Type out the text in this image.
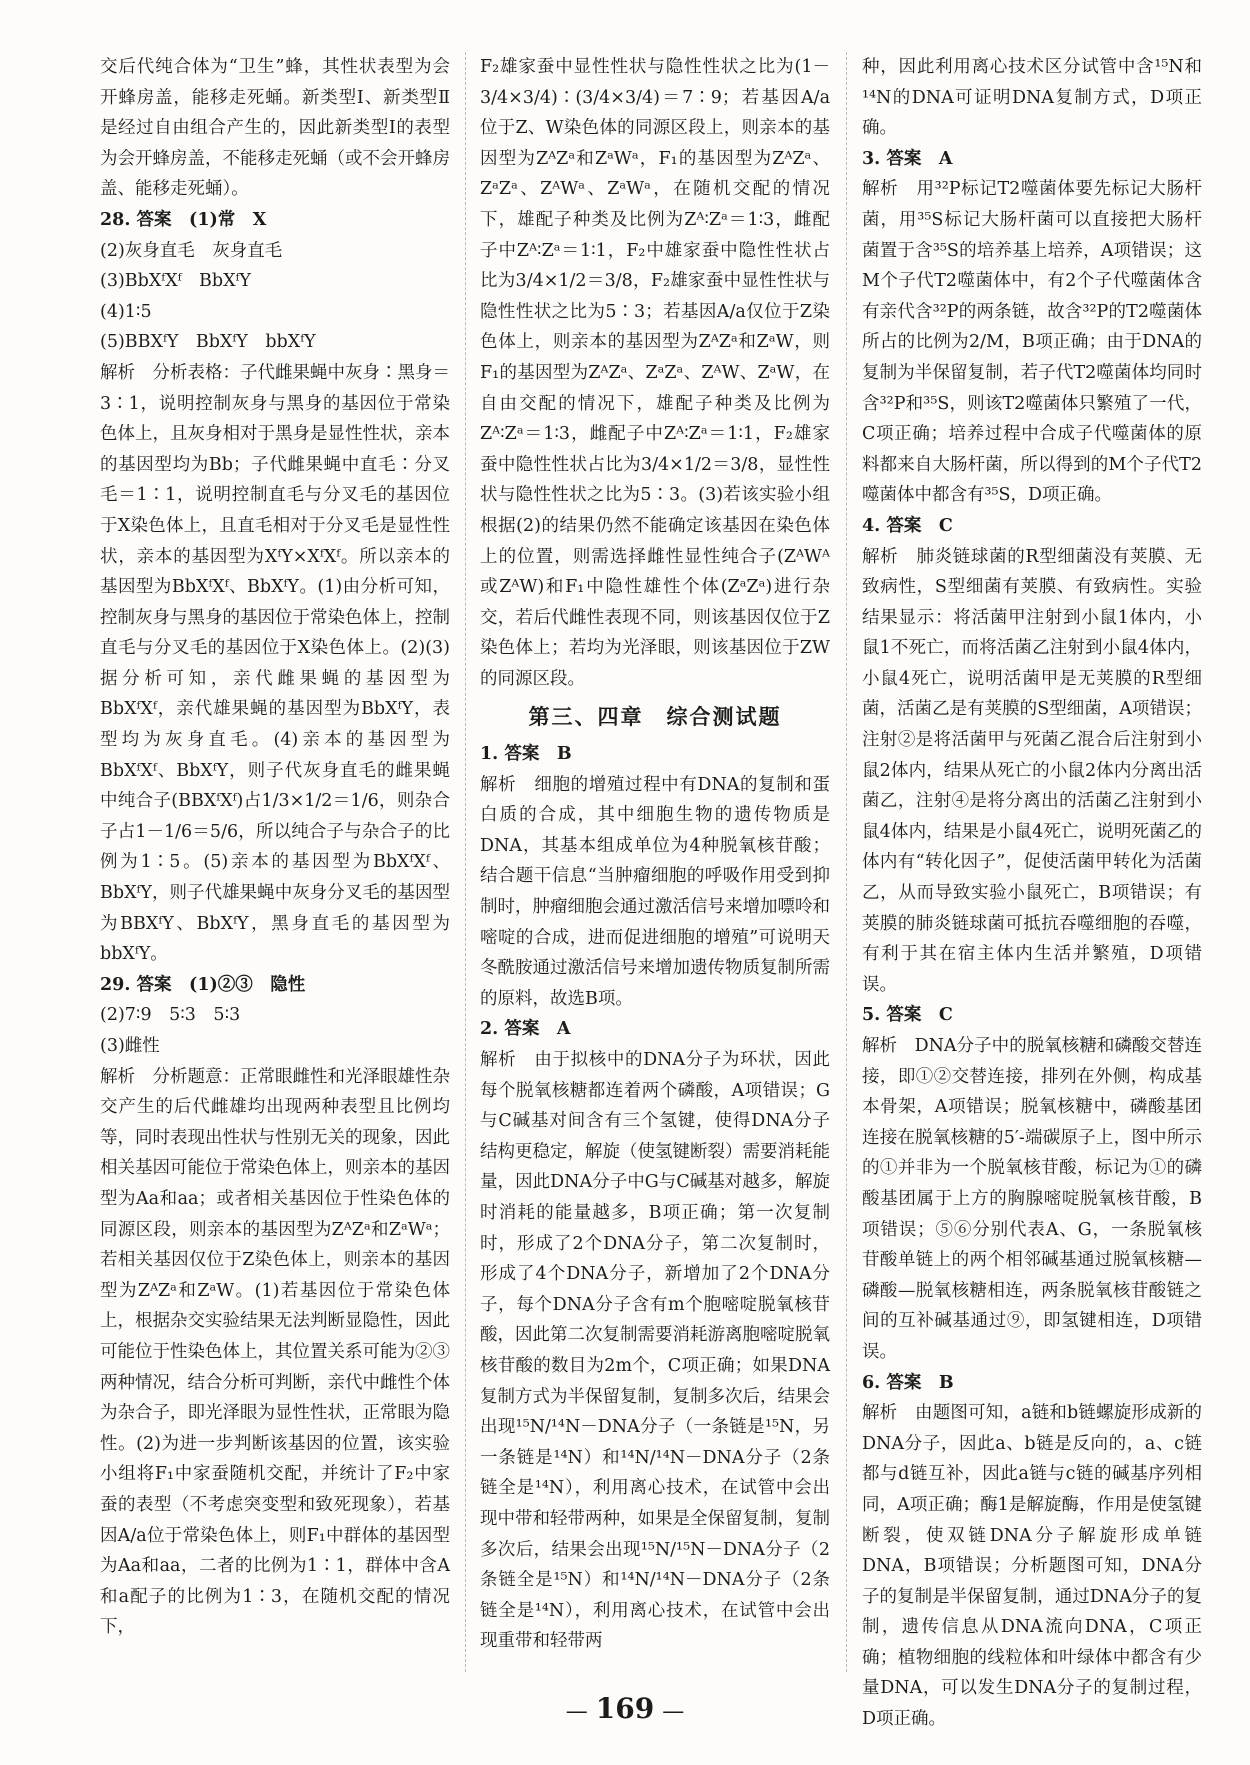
交后代纯合体为“卫生”蜂，其性状表型为会开蜂房盖，能移走死蛹。新类型Ⅰ、新类型Ⅱ是经过自由组合产生的，因此新类型Ⅰ的表型为会开蜂房盖，不能移走死蛹（或不会开蜂房盖、能移走死蛹）。

28. 答案　(1)常　X

(2)灰身直毛　灰身直毛

(3)BbXᶠXᶠ　BbXᶠY

(4)1∶5

(5)BBXᶠY　BbXᶠY　bbXᶠY

解析　分析表格：子代雌果蝇中灰身∶黑身＝3∶1，说明控制灰身与黑身的基因位于常染色体上，且灰身相对于黑身是显性性状，亲本的基因型均为Bb；子代雌果蝇中直毛∶分叉毛＝1∶1，说明控制直毛与分叉毛的基因位于X染色体上，且直毛相对于分叉毛是显性性状，亲本的基因型为XᶠY×XᶠXᶠ。所以亲本的基因型为BbXᶠXᶠ、BbXᶠY。(1)由分析可知，控制灰身与黑身的基因位于常染色体上，控制直毛与分叉毛的基因位于X染色体上。(2)(3)据分析可知，亲代雌果蝇的基因型为BbXᶠXᶠ，亲代雄果蝇的基因型为BbXᶠY，表型均为灰身直毛。(4)亲本的基因型为BbXᶠXᶠ、BbXᶠY，则子代灰身直毛的雌果蝇中纯合子(BBXᶠXᶠ)占1/3×1/2＝1/6，则杂合子占1－1/6＝5/6，所以纯合子与杂合子的比例为1∶5。(5)亲本的基因型为BbXᶠXᶠ、BbXᶠY，则子代雄果蝇中灰身分叉毛的基因型为BBXᶠY、BbXᶠY，黑身直毛的基因型为bbXᶠY。

29. 答案　(1)②③　隐性

(2)7∶9　5∶3　5∶3

(3)雌性

解析　分析题意：正常眼雌性和光泽眼雄性杂交产生的后代雌雄均出现两种表型且比例均等，同时表现出性状与性别无关的现象，因此相关基因可能位于常染色体上，则亲本的基因型为Aa和aa；或者相关基因位于性染色体的同源区段，则亲本的基因型为ZᴬZᵃ和ZᵃWᵃ；若相关基因仅位于Z染色体上，则亲本的基因型为ZᴬZᵃ和ZᵃW。(1)若基因位于常染色体上，根据杂交实验结果无法判断显隐性，因此可能位于性染色体上，其位置关系可能为②③两种情况，结合分析可判断，亲代中雌性个体为杂合子，即光泽眼为显性性状，正常眼为隐性。(2)为进一步判断该基因的位置，该实验小组将F₁中家蚕随机交配，并统计了F₂中家蚕的表型（不考虑突变型和致死现象），若基因A/a位于常染色体上，则F₁中群体的基因型为Aa和aa，二者的比例为1∶1，群体中含A和a配子的比例为1∶3，在随机交配的情况下，

F₂雄家蚕中显性性状与隐性性状之比为(1－3/4×3/4)∶(3/4×3/4)＝7∶9；若基因A/a位于Z、W染色体的同源区段上，则亲本的基因型为ZᴬZᵃ和ZᵃWᵃ，F₁的基因型为ZᴬZᵃ、ZᵃZᵃ、ZᴬWᵃ、ZᵃWᵃ，在随机交配的情况下，雄配子种类及比例为Zᴬ∶Zᵃ＝1∶3，雌配子中Zᴬ∶Zᵃ＝1∶1，F₂中雄家蚕中隐性性状占比为3/4×1/2＝3/8，F₂雄家蚕中显性性状与隐性性状之比为5∶3；若基因A/a仅位于Z染色体上，则亲本的基因型为ZᴬZᵃ和ZᵃW，则F₁的基因型为ZᴬZᵃ、ZᵃZᵃ、ZᴬW、ZᵃW，在自由交配的情况下，雄配子种类及比例为Zᴬ∶Zᵃ＝1∶3，雌配子中Zᴬ∶Zᵃ＝1∶1，F₂雄家蚕中隐性性状占比为3/4×1/2＝3/8，显性性状与隐性性状之比为5∶3。(3)若该实验小组根据(2)的结果仍然不能确定该基因在染色体上的位置，则需选择雌性显性纯合子(ZᴬWᴬ或ZᴬW)和F₁中隐性雄性个体(ZᵃZᵃ)进行杂交，若后代雌性表现不同，则该基因仅位于Z染色体上；若均为光泽眼，则该基因位于ZW的同源区段。

第三、四章　综合测试题

1. 答案　B

解析　细胞的增殖过程中有DNA的复制和蛋白质的合成，其中细胞生物的遗传物质是DNA，其基本组成单位为4种脱氧核苷酸；结合题干信息“当肿瘤细胞的呼吸作用受到抑制时，肿瘤细胞会通过激活信号来增加嘌呤和嘧啶的合成，进而促进细胞的增殖”可说明天冬酰胺通过激活信号来增加遗传物质复制所需的原料，故选B项。

2. 答案　A

解析　由于拟核中的DNA分子为环状，因此每个脱氧核糖都连着两个磷酸，A项错误；G与C碱基对间含有三个氢键，使得DNA分子结构更稳定，解旋（使氢键断裂）需要消耗能量，因此DNA分子中G与C碱基对越多，解旋时消耗的能量越多，B项正确；第一次复制时，形成了2个DNA分子，第二次复制时，形成了4个DNA分子，新增加了2个DNA分子，每个DNA分子含有m个胞嘧啶脱氧核苷酸，因此第二次复制需要消耗游离胞嘧啶脱氧核苷酸的数目为2m个，C项正确；如果DNA复制方式为半保留复制，复制多次后，结果会出现¹⁵N/¹⁴N－DNA分子（一条链是¹⁵N，另一条链是¹⁴N）和¹⁴N/¹⁴N－DNA分子（2条链全是¹⁴N），利用离心技术，在试管中会出现中带和轻带两种，如果是全保留复制，复制多次后，结果会出现¹⁵N/¹⁵N－DNA分子（2条链全是¹⁵N）和¹⁴N/¹⁴N－DNA分子（2条链全是¹⁴N），利用离心技术，在试管中会出现重带和轻带两

种，因此利用离心技术区分试管中含¹⁵N和¹⁴N的DNA可证明DNA复制方式，D项正确。

3. 答案　A

解析　用³²P标记T2噬菌体要先标记大肠杆菌，用³⁵S标记大肠杆菌可以直接把大肠杆菌置于含³⁵S的培养基上培养，A项错误；这M个子代T2噬菌体中，有2个子代噬菌体含有亲代含³²P的两条链，故含³²P的T2噬菌体所占的比例为2/M，B项正确；由于DNA的复制为半保留复制，若子代T2噬菌体均同时含³²P和³⁵S，则该T2噬菌体只繁殖了一代，C项正确；培养过程中合成子代噬菌体的原料都来自大肠杆菌，所以得到的M个子代T2噬菌体中都含有³⁵S，D项正确。

4. 答案　C

解析　肺炎链球菌的R型细菌没有荚膜、无致病性，S型细菌有荚膜、有致病性。实验结果显示：将活菌甲注射到小鼠1体内，小鼠1不死亡，而将活菌乙注射到小鼠4体内，小鼠4死亡，说明活菌甲是无荚膜的R型细菌，活菌乙是有荚膜的S型细菌，A项错误；注射②是将活菌甲与死菌乙混合后注射到小鼠2体内，结果从死亡的小鼠2体内分离出活菌乙，注射④是将分离出的活菌乙注射到小鼠4体内，结果是小鼠4死亡，说明死菌乙的体内有“转化因子”，促使活菌甲转化为活菌乙，从而导致实验小鼠死亡，B项错误；有荚膜的肺炎链球菌可抵抗吞噬细胞的吞噬，有利于其在宿主体内生活并繁殖，D项错误。

5. 答案　C

解析　DNA分子中的脱氧核糖和磷酸交替连接，即①②交替连接，排列在外侧，构成基本骨架，A项错误；脱氧核糖中，磷酸基团连接在脱氧核糖的5′-端碳原子上，图中所示的①并非为一个脱氧核苷酸，标记为①的磷酸基团属于上方的胸腺嘧啶脱氧核苷酸，B项错误；⑤⑥分别代表A、G，一条脱氧核苷酸单链上的两个相邻碱基通过脱氧核糖—磷酸—脱氧核糖相连，两条脱氧核苷酸链之间的互补碱基通过⑨，即氢键相连，D项错误。

6. 答案　B

解析　由题图可知，a链和b链螺旋形成新的DNA分子，因此a、b链是反向的，a、c链都与d链互补，因此a链与c链的碱基序列相同，A项正确；酶1是解旋酶，作用是使氢键断裂，使双链DNA分子解旋形成单链DNA，B项错误；分析题图可知，DNA分子的复制是半保留复制，通过DNA分子的复制，遗传信息从DNA流向DNA，C项正确；植物细胞的线粒体和叶绿体中都含有少量DNA，可以发生DNA分子的复制过程，D项正确。

— 169 —
